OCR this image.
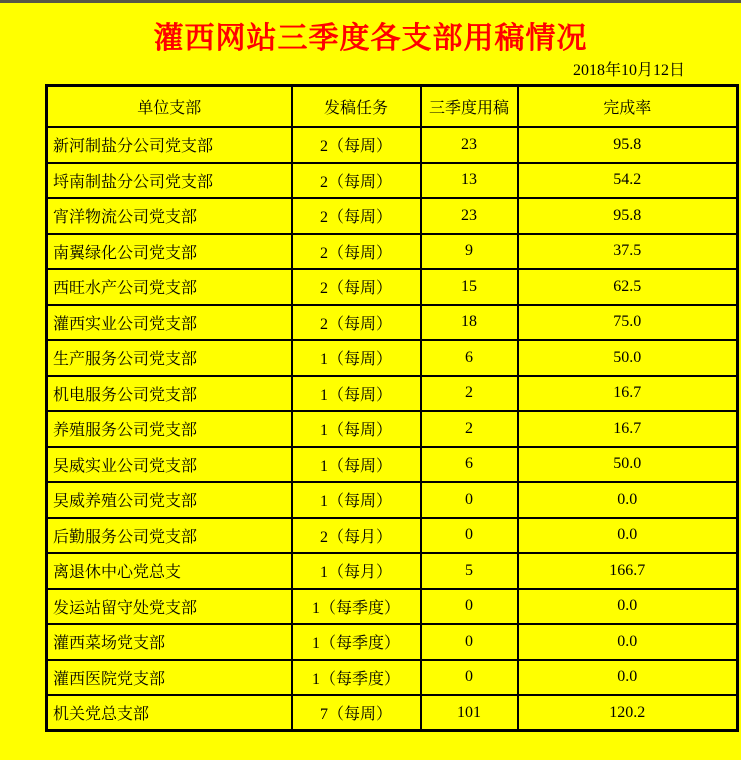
灌西网站三季度各支部用稿情况
2018年10月12日
单位支部	发稿任务	三季度用稿	完成率
新河制盐分公司党支部	2（每周）	23	95.8
埒南制盐分公司党支部	2（每周）	13	54.2
宵洋物流公司党支部	2（每周）	23	95.8
南翼绿化公司党支部	2（每周）	9	37.5
西旺水产公司党支部	2（每周）	15	62.5
灌西实业公司党支部	2（每周）	18	75.0
生产服务公司党支部	1（每周）	6	50.0
机电服务公司党支部	1（每周）	2	16.7
养殖服务公司党支部	1（每周）	2	16.7
旲威实业公司党支部	1（每周）	6	50.0
旲威养殖公司党支部	1（每周）	0	0.0
后勤服务公司党支部	2（每月）	0	0.0
离退休中心党总支	1（每月）	5	166.7
发运站留守处党支部	1（每季度）	0	0.0
灌西菜场党支部	1（每季度）	0	0.0
灌西医院党支部	1（每季度）	0	0.0
机关党总支部	7（每周）	101	120.2
